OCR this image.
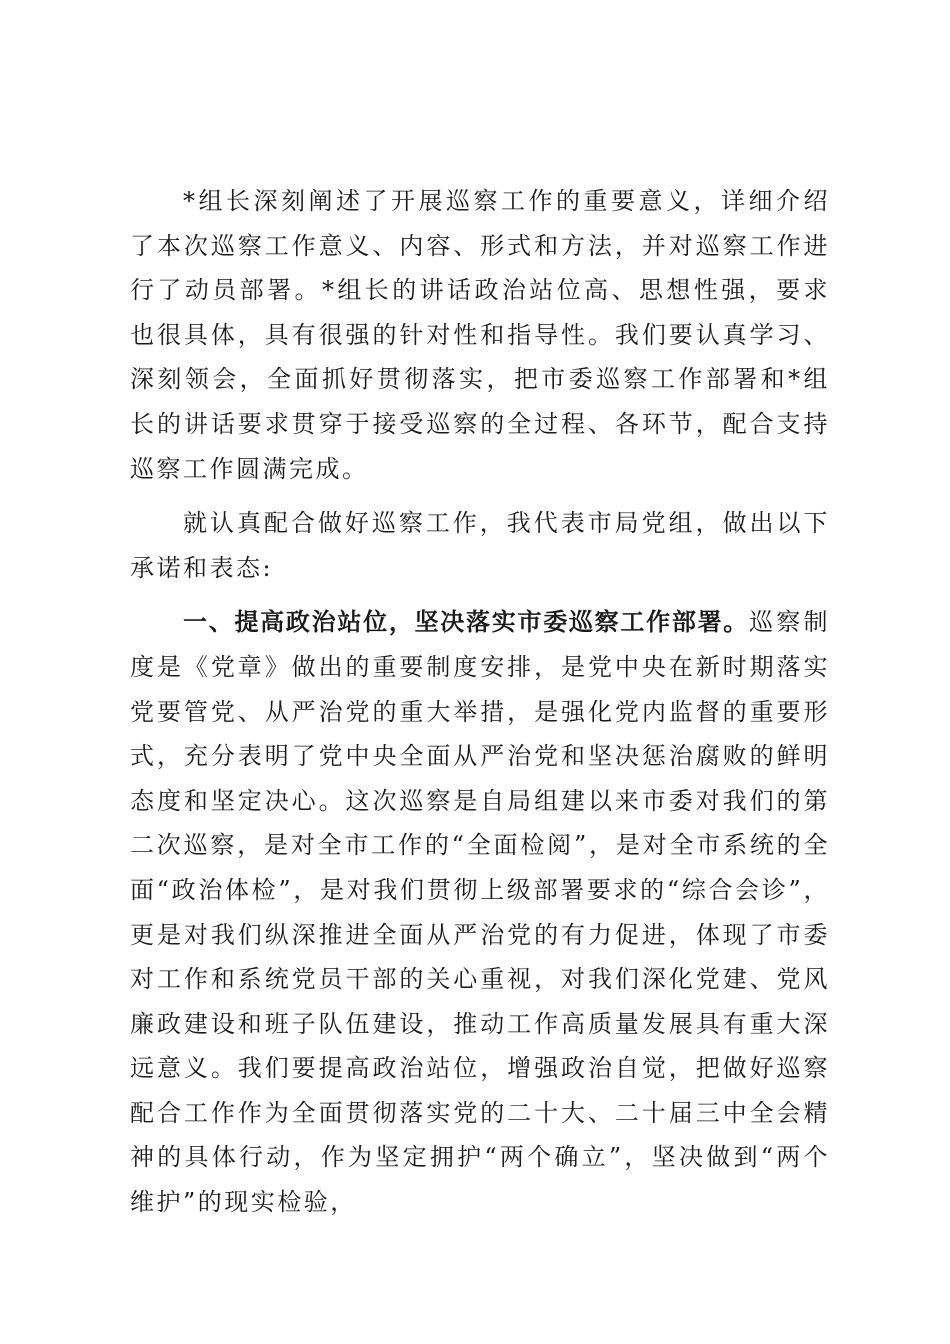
*组长深刻阐述了开展巡察工作的重要意义，详细介绍了本次巡察工作意义、内容、形式和方法，并对巡察工作进行了动员部署。*组长的讲话政治站位高、思想性强，要求也很具体，具有很强的针对性和指导性。我们要认真学习、深刻领会，全面抓好贯彻落实，把市委巡察工作部署和*组长的讲话要求贯穿于接受巡察的全过程、各环节，配合支持巡察工作圆满完成。

就认真配合做好巡察工作，我代表市局党组，做出以下承诺和表态:

一、提高政治站位，坚决落实市委巡察工作部署。巡察制度是《党章》做出的重要制度安排，是党中央在新时期落实党要管党、从严治党的重大举措，是强化党内监督的重要形式，充分表明了党中央全面从严治党和坚决惩治腐败的鲜明态度和坚定决心。这次巡察是自局组建以来市委对我们的第二次巡察，是对全市工作的“全面检阅”，是对全市系统的全面“政治体检”，是对我们贯彻上级部署要求的“综合会诊”，更是对我们纵深推进全面从严治党的有力促进，体现了市委对工作和系统党员干部的关心重视，对我们深化党建、党风廉政建设和班子队伍建设，推动工作高质量发展具有重大深远意义。我们要提高政治站位，增强政治自觉，把做好巡察配合工作作为全面贯彻落实党的二十大、二十届三中全会精神的具体行动，作为坚定拥护“两个确立”，坚决做到“两个维护”的现实检验，
